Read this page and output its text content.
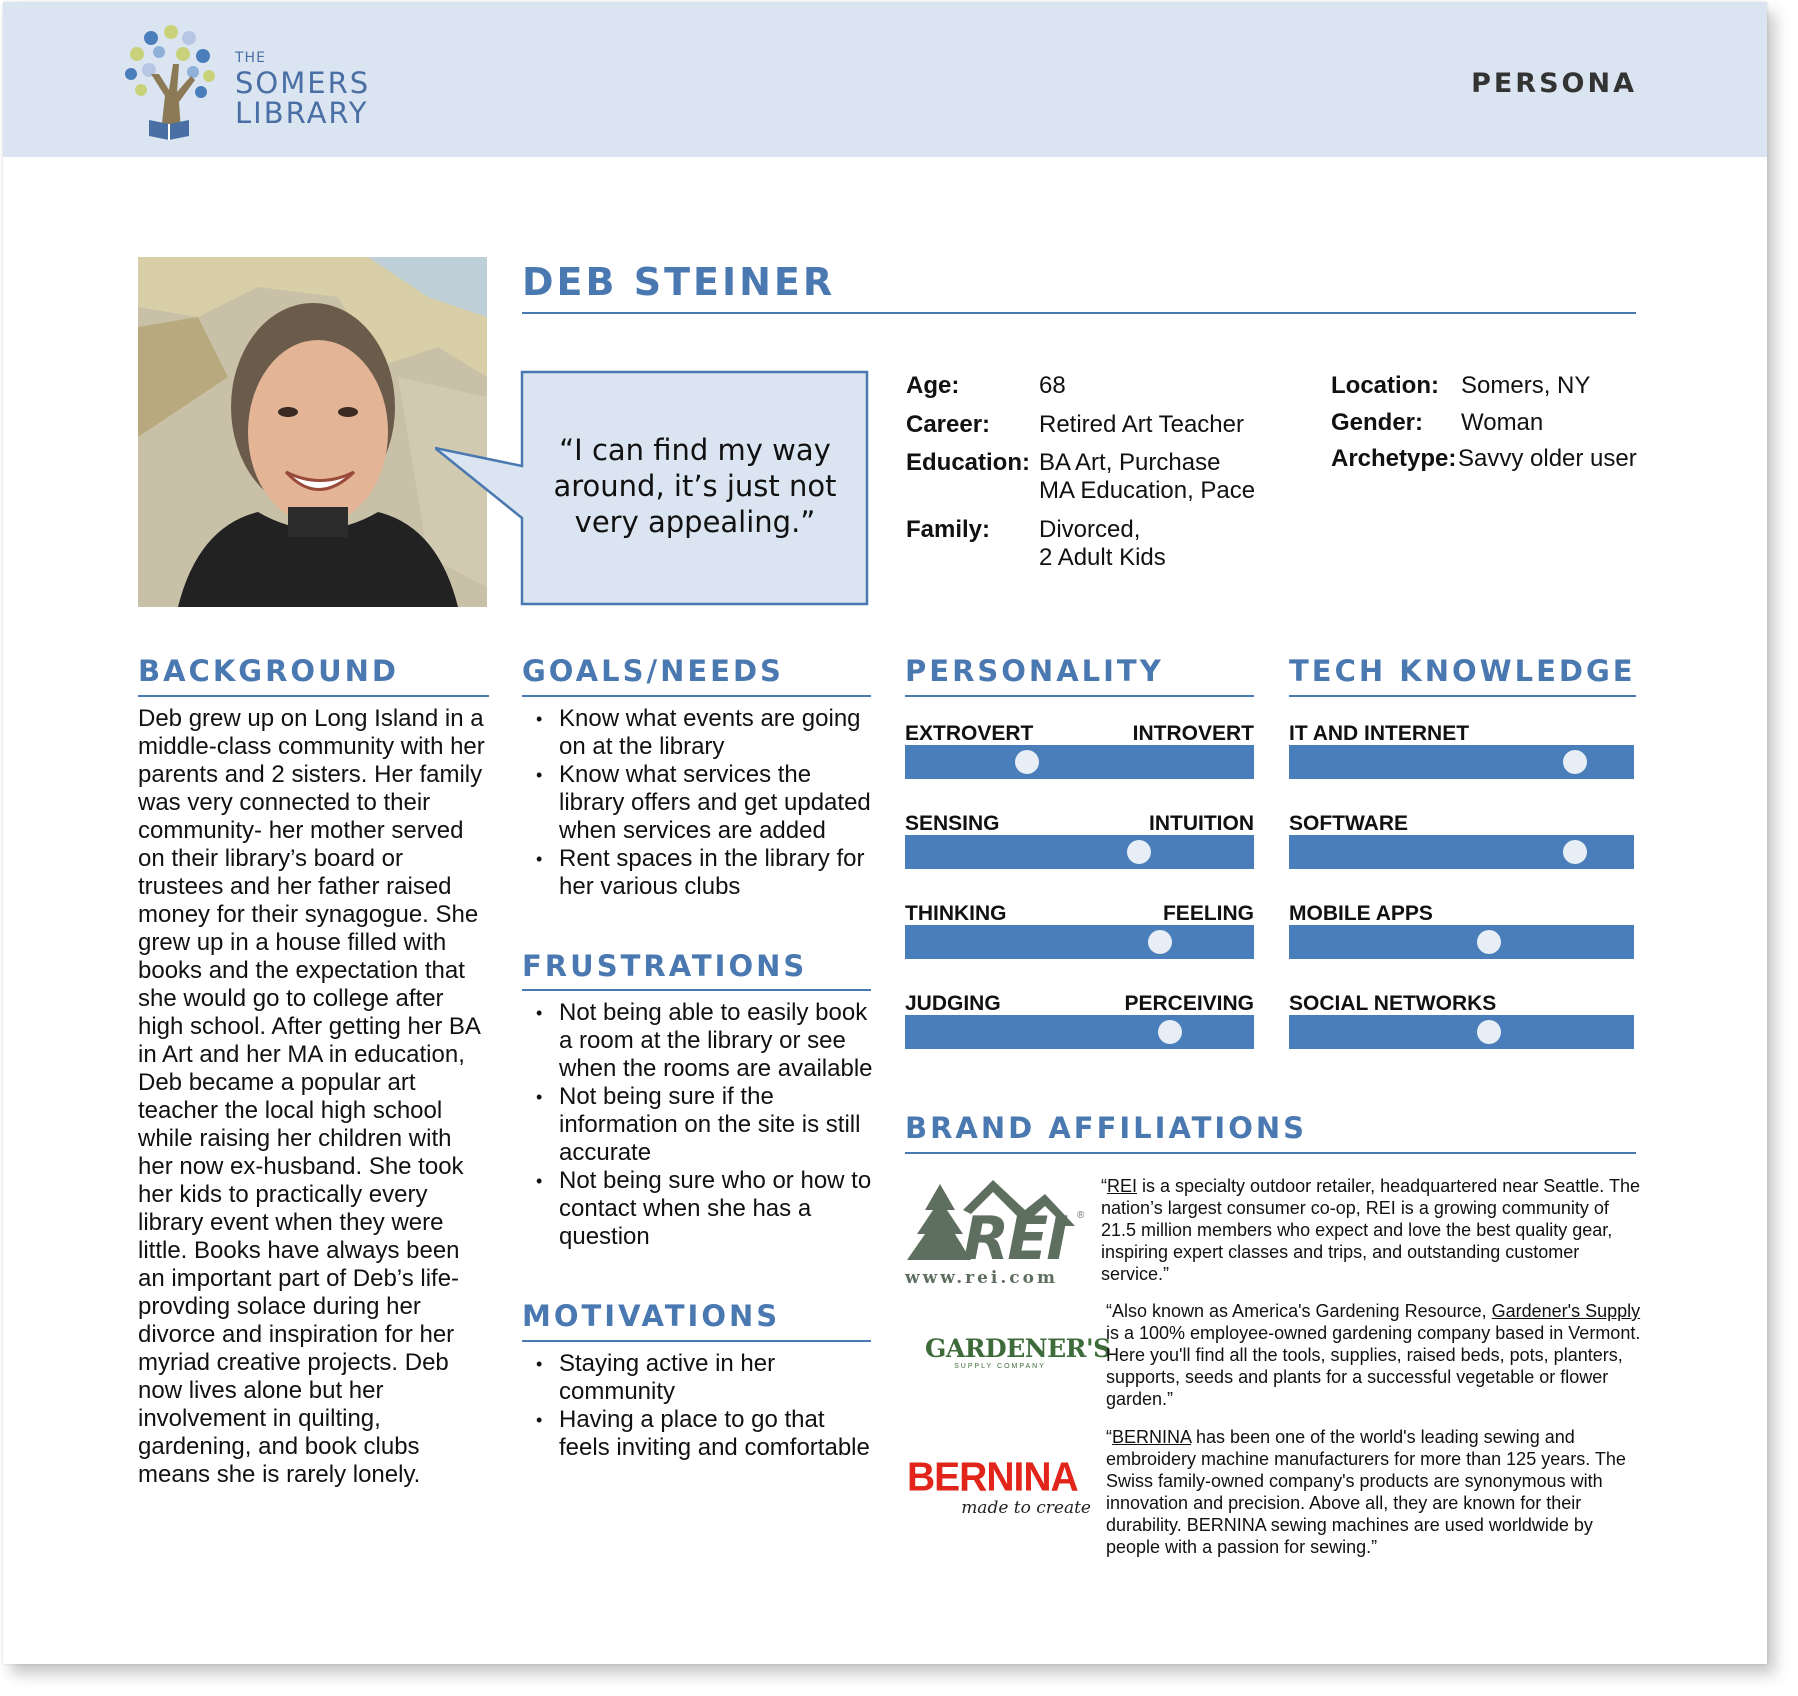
THE
SOMERS
LIBRARY
PERSONA
DEB STEINER
“I can find my way around, it’s just not very appealing.”
Age:	68
Career: Retired Art Teacher
Education: BA Art, Purchase
MA Education, Pace
Family: Divorced,
2 Adult Kids
Location: Somers, NY
Gender: Woman
Archetype: Savvy older user
BACKGROUND
Deb grew up on Long Island in a middle-class community with her parents and 2 sisters. Her family was very connected to their community- her mother served on their library’s board or trustees and her father raised money for their synagogue. She grew up in a house filled with books and the expectation that she would go to college after high school. After getting her BA in Art and her MA in education, Deb became a popular art teacher the local high school while raising her children with her now ex-husband. She took her kids to practically every library event when they were little. Books have always been an important part of Deb’s life- provding solace during her divorce and inspiration for her myriad creative projects. Deb now lives alone but her involvement in quilting, gardening, and book clubs means she is rarely lonely.
GOALS/NEEDS
• Know what events are going on at the library
• Know what services the library offers and get updated when services are added
• Rent spaces in the library for her various clubs
FRUSTRATIONS
• Not being able to easily book a room at the library or see when the rooms are available
• Not being sure if the information on the site is still accurate
• Not being sure who or how to contact when she has a question
MOTIVATIONS
• Staying active in her community
• Having a place to go that feels inviting and comfortable
PERSONALITY
EXTROVERT	INTROVERT
SENSING	INTUITION
THINKING	FEELING
JUDGING	PERCEIVING
TECH KNOWLEDGE
IT AND INTERNET
SOFTWARE
MOBILE APPS
SOCIAL NETWORKS
BRAND AFFILIATIONS
REI ®
www.rei.com
“REI is a specialty outdoor retailer, headquartered near Seattle. The nation’s largest consumer co-op, REI is a growing community of 21.5 million members who expect and love the best quality gear, inspiring expert classes and trips, and outstanding customer service.”
GARDENER'S
SUPPLY COMPANY
“Also known as America's Gardening Resource, Gardener's Supply is a 100% employee-owned gardening company based in Vermont. Here you'll find all the tools, supplies, raised beds, pots, planters, supports, seeds and plants for a successful vegetable or flower garden.”
BERNINA
made to create
“BERNINA has been one of the world's leading sewing and embroidery machine manufacturers for more than 125 years. The Swiss family-owned company's products are synonymous with innovation and precision. Above all, they are known for their durability. BERNINA sewing machines are used worldwide by people with a passion for sewing.”
